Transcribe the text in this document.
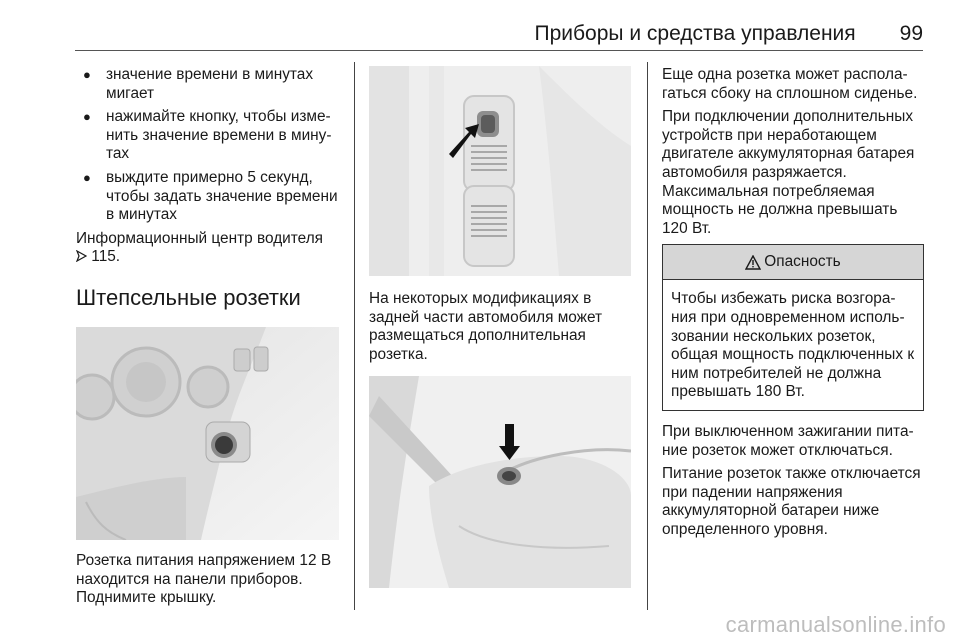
Приборы и средства управления 99
● значение времени в минутах мигает
● нажимайте кнопку, чтобы изменить значение времени в минутах
● выждите примерно 5 секунд, чтобы задать значение времени в минутах

Информационный центр водителя
115.

Штепсельные розетки

Розетка питания напряжением 12 В находится на панели приборов. Поднимите крышку.

На некоторых модификациях в задней части автомобиля может размещаться дополнительная розетка.

Еще одна розетка может располагаться сбоку на сплошном сиденье.

При подключении дополнительных устройств при неработающем двигателе аккумуляторная батарея автомобиля разряжается. Максимальная потребляемая мощность не должна превышать 120 Вт.

Опасность
Чтобы избежать риска возгорания при одновременном использовании нескольких розеток, общая мощность подключенных к ним потребителей не должна превышать 180 Вт.

При выключенном зажигании питание розеток может отключаться.

Питание розеток также отключается при падении напряжения аккумуляторной батареи ниже определенного уровня.

carmanualsonline.info
